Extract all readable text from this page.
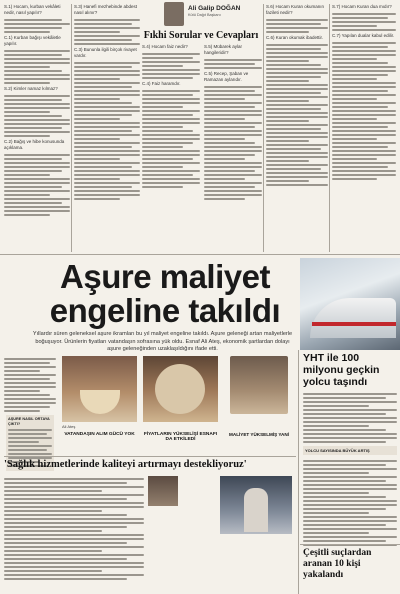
S.1) Hocam, kurban vekâleti nedir, nasıl yapılır?

C.1) Kurban bağışı vekâletle yapılır.

S.2) Kimler namaz kılmaz?

C.2) Bağış ve hibe konusunda açıklama.

S.3) Hanefi mezhebinde abdest nasıl alınır?

C.3) Bununla ilgili birçok rivayet vardır.

Ali Galip DOĞAN
Kütü Dağıt Başkanı
Fıkhi Sorular ve Cevapları

S.4) Hocam faiz nedir?

C.4) Faiz haramdır.

S.5) Mübarek aylar hangileridir?

C.5) Recep, Şaban ve Ramazan aylarıdır.

S.6) Hocam Kuran okumanın fazileti nedir?

C.6) Kuran okumak ibadettir.

S.7) Hocam Kuran dua mıdır?

C.7) Yapılan dualar kabul edilir.

Aşure maliyet
engeline takıldı

Yıllardır süren geleneksel aşure ikramları bu yıl maliyet engeline takıldı. Aşure geleneği artan maliyetlerle boğuşuyor. Ürünlerin fiyatları vatandaşın sofrasına yük oldu. Esnaf Ali Ateş, ekonomik şartlardan dolayı aşure geleneğinden uzaklaşıldığını ifade etti.

AŞURE NASIL ORTAYA ÇIKTI?	Ali Ateş
VATANDAŞIN ALIM GÜCÜ YOK	FİYATLARIN YÜKSELİŞİ ESNAFI DA ETKİLEDİ
MALİYET YÜKSELMİŞ YANİ
YHT ile 100 milyonu geçkin yolcu taşındı
YOLCU SAYISINDA BÜYÜK ARTIŞ
'Sağlık hizmetlerinde kaliteyi artırmayı destekliyoruz'
Çeşitli suçlardan aranan 10 kişi yakalandı
